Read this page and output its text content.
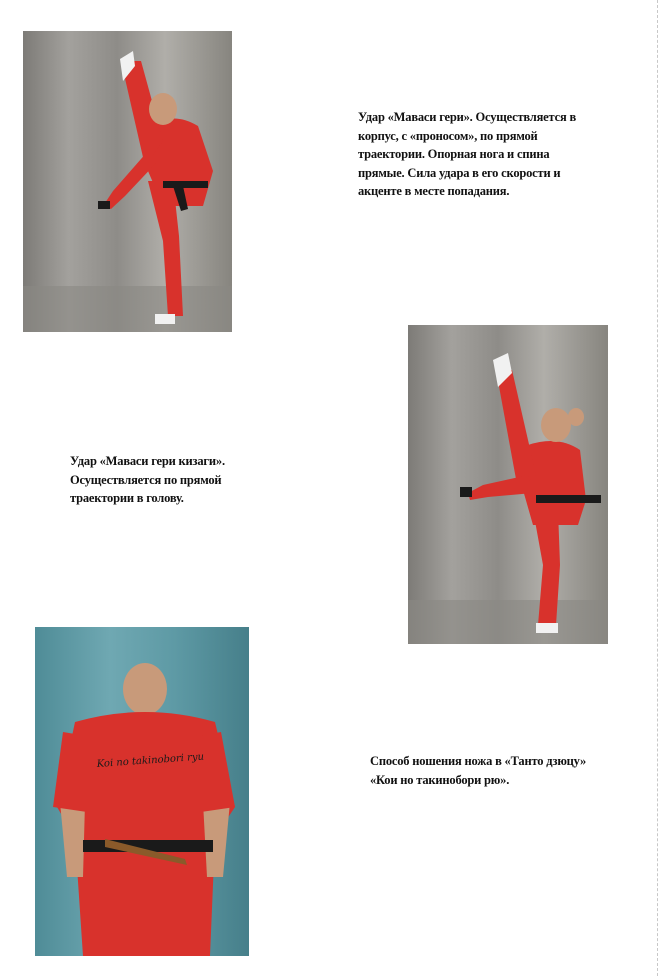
Удар «Маваси гери». Осуществляется в корпус, с «проносом», по прямой траектории. Опорная нога и спина прямые. Сила удара в его скорости и акценте в месте попадания.
Удар «Маваси гери кизаги». Осуществляется по прямой траектории в голову.
Koi no takinobori ryu	Способ ношения ножа в «Танто дзюцу» «Кои но такинобори рю».
